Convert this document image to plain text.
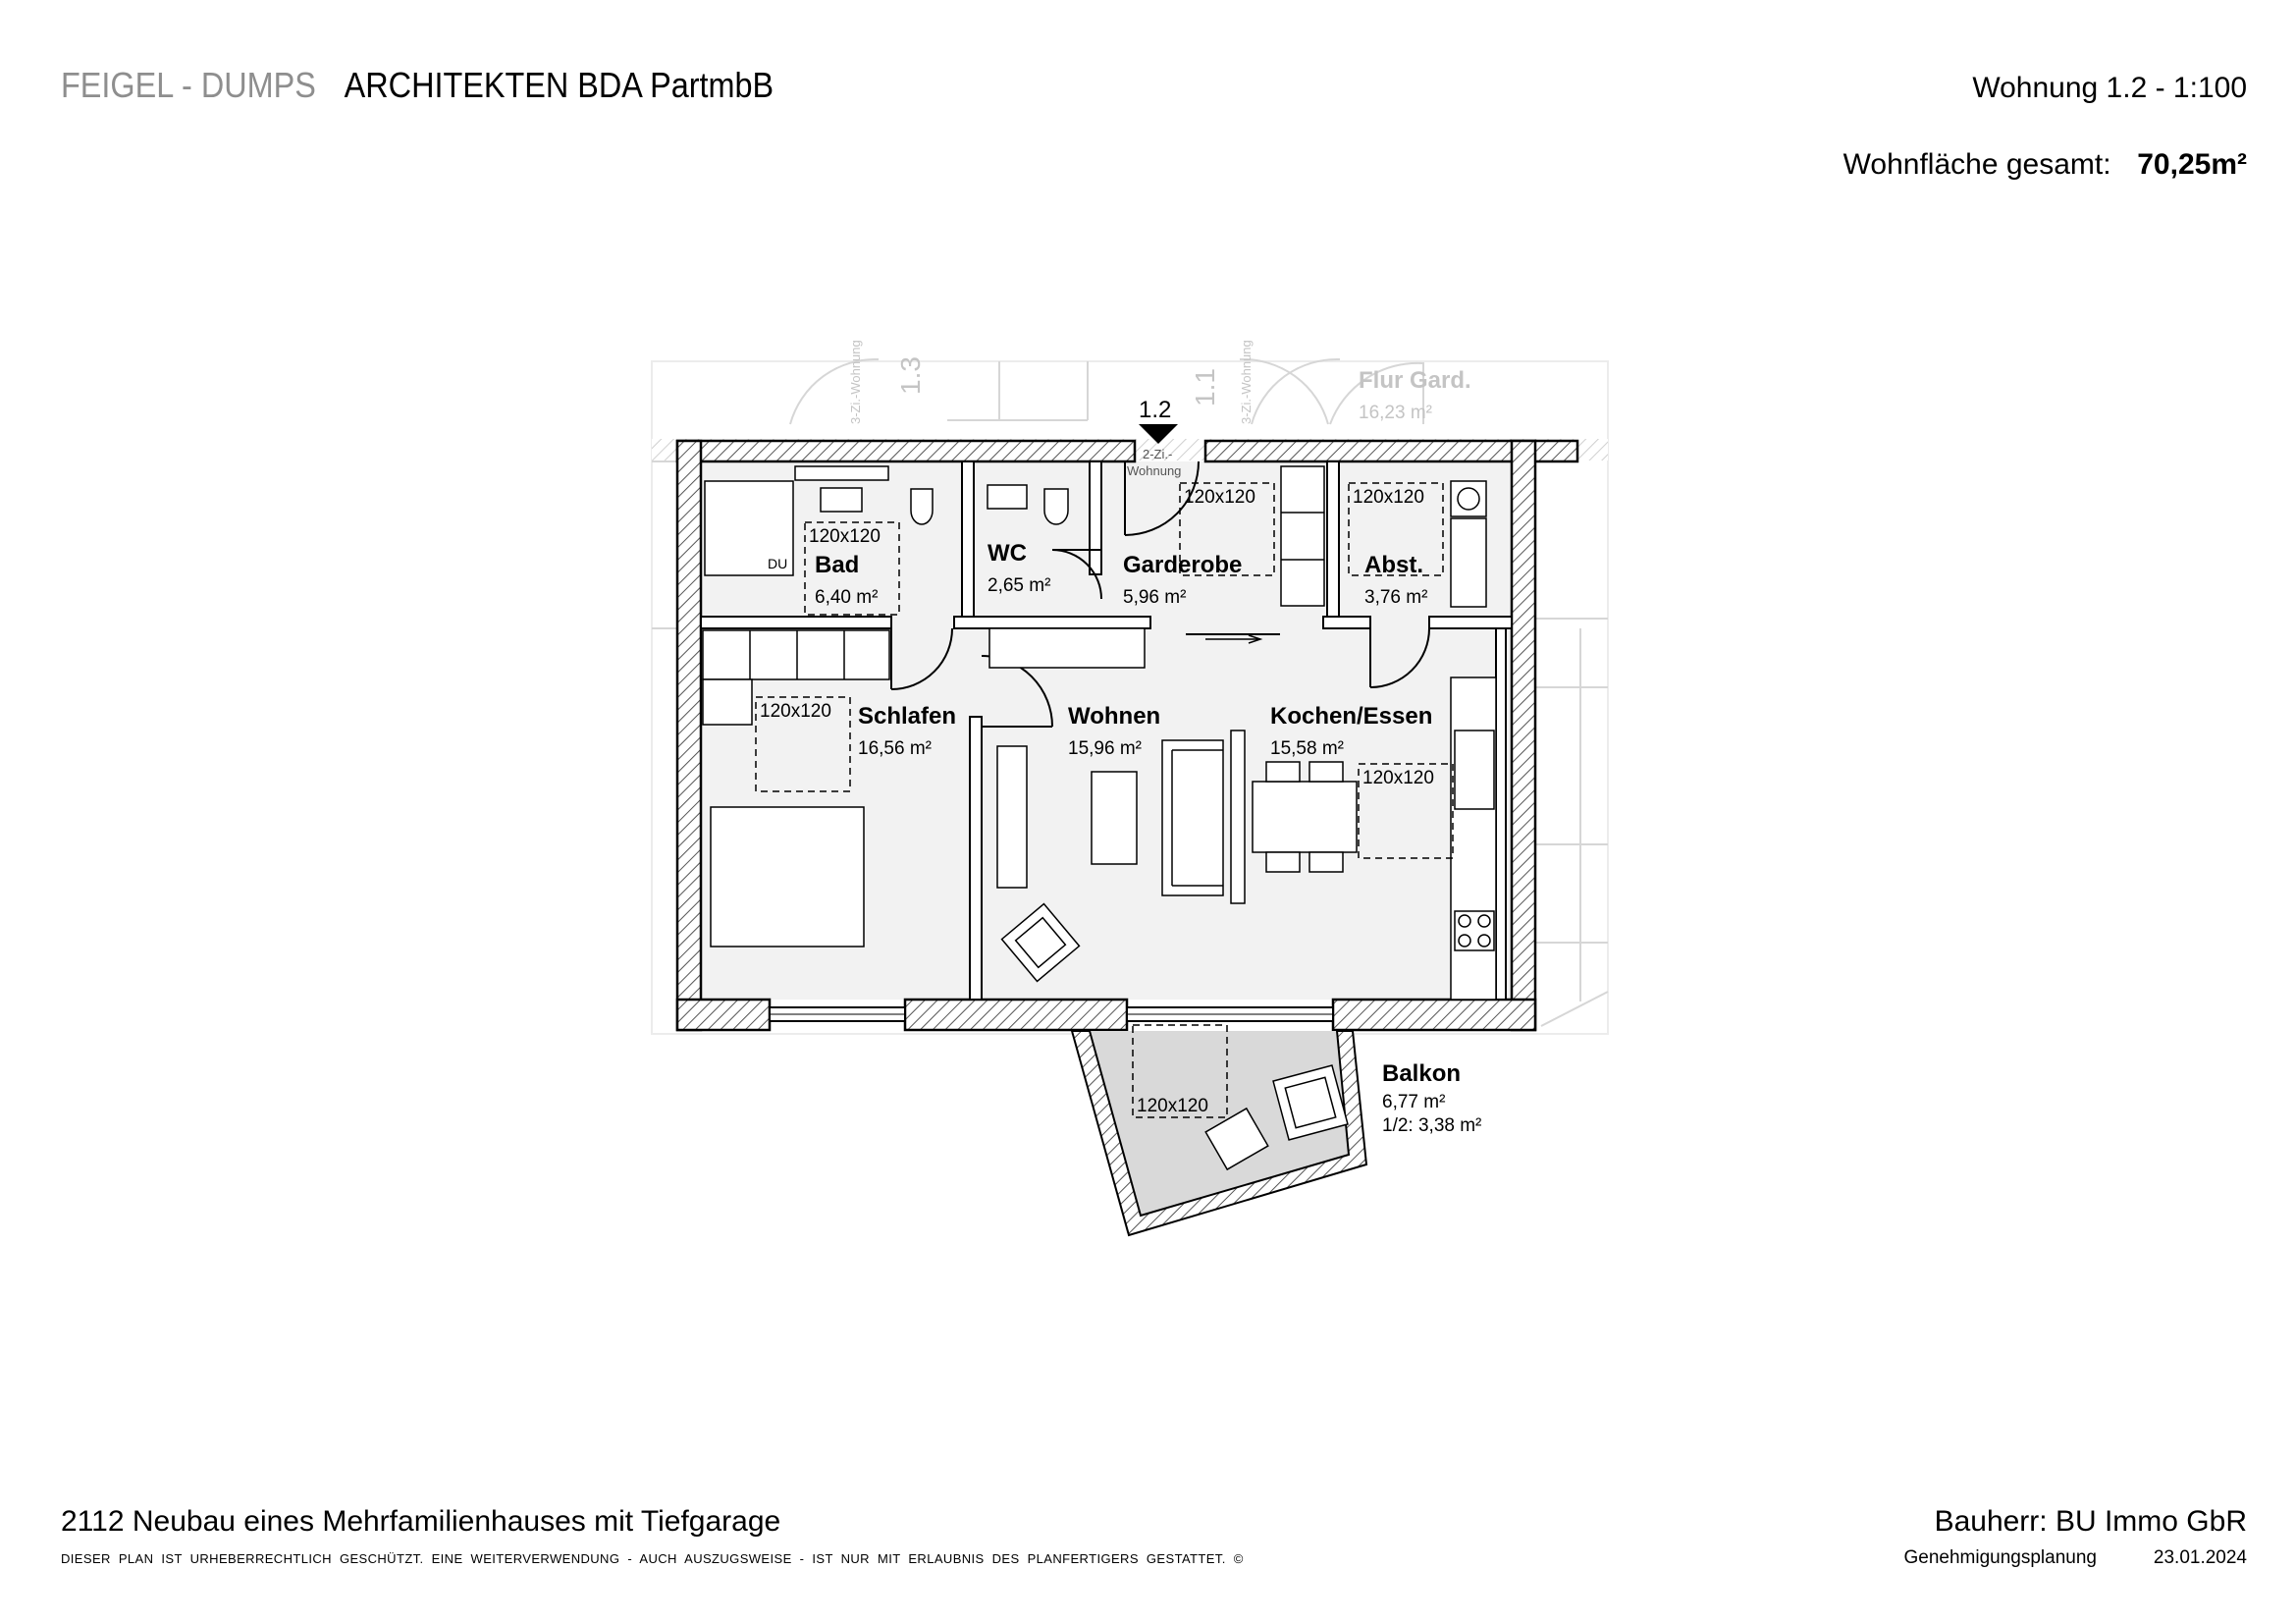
FEIGEL - DUMPS ARCHITEKTEN BDA PartmbB	Wohnung 1.2 - 1:100
Wohnfläche gesamt: 70,25m²
Flur Gard.
16,23 m²
1.3
3-Zi.-Wohnung	1.1 3-Zi.-Wohnung
1.2
2-Zi.-
Wohnung
Bad
6,40 m²
WC
2,65 m²
Garderobe
5,96 m²
Abst.
3,76 m²
Schlafen
16,56 m²
Wohnen
15,96 m²
Kochen/Essen
15,58 m²
Balkon
6,77 m²
1/2: 3,38 m²
120x120
120x120	120x120
120x120
120x120
120x120
DU
2112 Neubau eines Mehrfamilienhauses mit Tiefgarage
DIESER PLAN IST URHEBERRECHTLICH GESCHÜTZT. EINE WEITERVERWENDUNG - AUCH AUSZUGSWEISE - IST NUR MIT ERLAUBNIS DES PLANFERTIGERS GESTATTET. ©
Bauherr: BU Immo GbR
Genehmigungsplanung	23.01.2024
